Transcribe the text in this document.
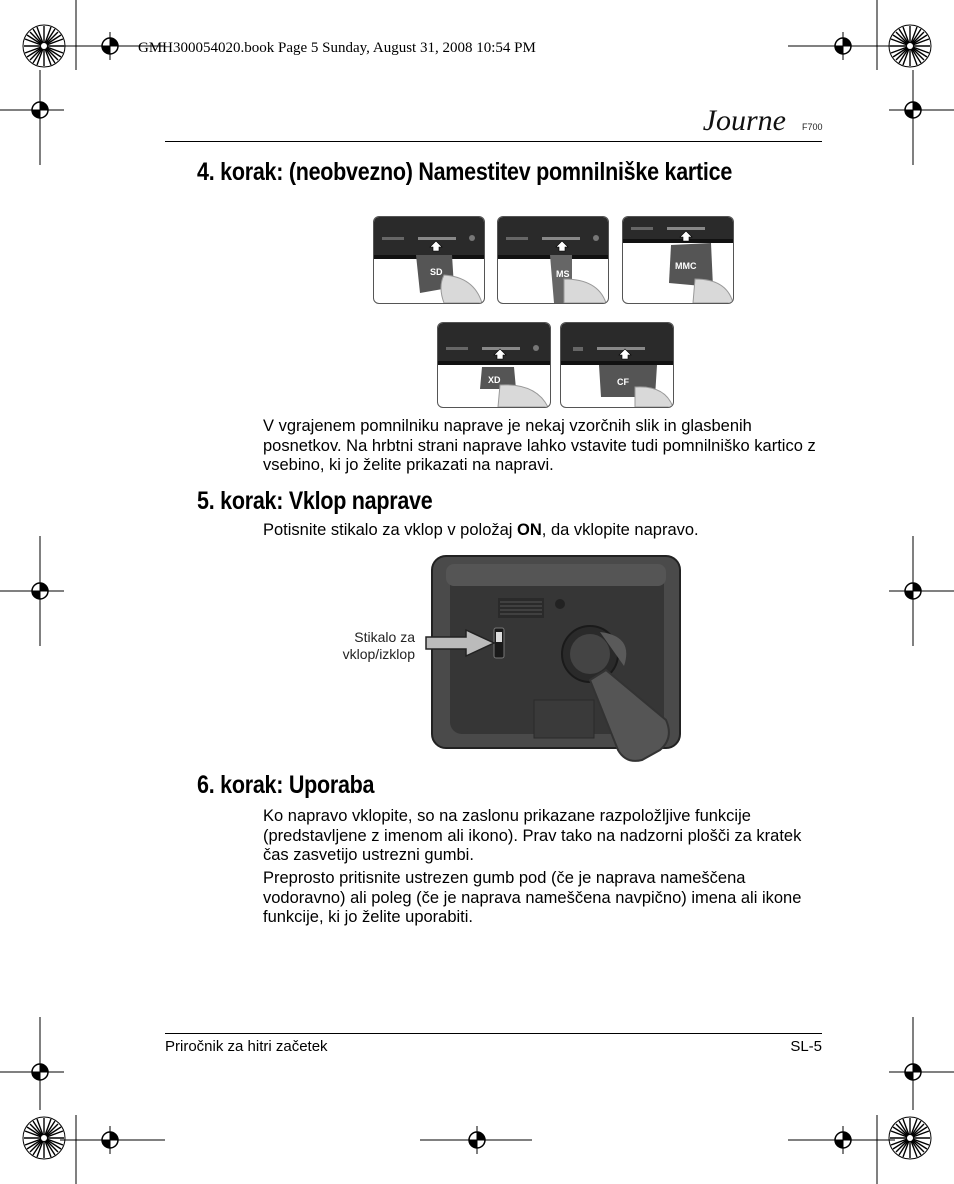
GMH300054020.book Page 5 Sunday, August 31, 2008 10:54 PM
Journe F700
4. korak: (neobvezno) Namestitev pomnilniške kartice
SD	MS
MMC
XD	CF

V vgrajenem pomnilniku naprave je nekaj vzorčnih slik in glasbenih posnetkov. Na hrbtni strani naprave lahko vstavite tudi pomnilniško kartico z vsebino, ki jo želite prikazati na napravi.

5. korak: Vklop naprave

Potisnite stikalo za vklop v položaj ON, da vklopite napravo.

Stikalo za
vklop/izklop
6. korak: Uporaba

Ko napravo vklopite, so na zaslonu prikazane razpoložljive funkcije (predstavljene z imenom ali ikono). Prav tako na nadzorni plošči za kratek čas zasvetijo ustrezni gumbi.

Preprosto pritisnite ustrezen gumb pod (če je naprava nameščena vodoravno) ali poleg (če je naprava nameščena navpično) imena ali ikone funkcije, ki jo želite uporabiti.

Priročnik za hitri začetek	SL-5
